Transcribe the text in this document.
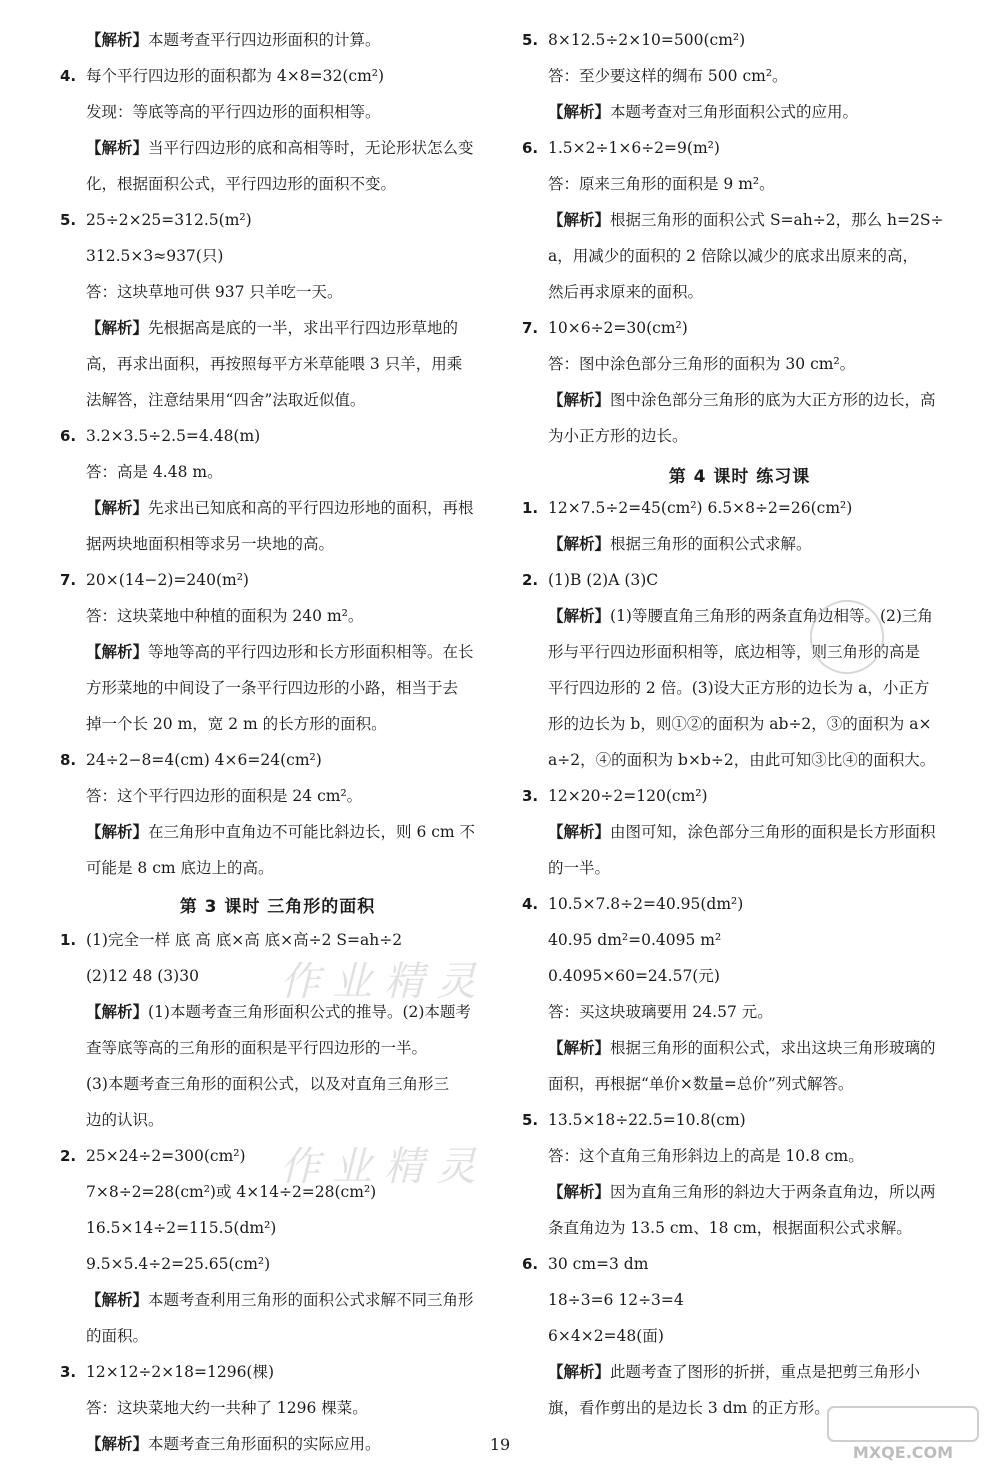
【解析】本题考查平行四边形面积的计算。
4. 每个平行四边形的面积都为 4×8=32(cm²)
发现：等底等高的平行四边形的面积相等。
【解析】当平行四边形的底和高相等时，无论形状怎么变
化，根据面积公式，平行四边形的面积不变。
5. 25÷2×25=312.5(m²)
312.5×3≈937(只)
答：这块草地可供 937 只羊吃一天。
【解析】先根据高是底的一半，求出平行四边形草地的
高，再求出面积，再按照每平方米草能喂 3 只羊，用乘
法解答，注意结果用“四舍”法取近似值。
6. 3.2×3.5÷2.5=4.48(m)
答：高是 4.48 m。
【解析】先求出已知底和高的平行四边形地的面积，再根
据两块地面积相等求另一块地的高。
7. 20×(14−2)=240(m²)
答：这块菜地中种植的面积为 240 m²。
【解析】等地等高的平行四边形和长方形面积相等。在长
方形菜地的中间设了一条平行四边形的小路，相当于去
掉一个长 20 m，宽 2 m 的长方形的面积。
8. 24÷2−8=4(cm) 4×6=24(cm²)
答：这个平行四边形的面积是 24 cm²。
【解析】在三角形中直角边不可能比斜边长，则 6 cm 不
可能是 8 cm 底边上的高。
1. (1)完全一样 底 高 底×高 底×高÷2 S=ah÷2
(2)12 48 (3)30
【解析】(1)本题考查三角形面积公式的推导。(2)本题考
查等底等高的三角形的面积是平行四边形的一半。
(3)本题考查三角形的面积公式，以及对直角三角形三
边的认识。
2. 25×24÷2=300(cm²)
7×8÷2=28(cm²)或 4×14÷2=28(cm²)
16.5×14÷2=115.5(dm²)
9.5×5.4÷2=25.65(cm²)
【解析】本题考查利用三角形的面积公式求解不同三角形
的面积。
3. 12×12÷2×18=1296(棵)
答：这块菜地大约一共种了 1296 棵菜。
【解析】本题考查三角形面积的实际应用。
第 3 课时 三角形的面积
5. 8×12.5÷2×10=500(cm²)
答：至少要这样的绸布 500 cm²。
【解析】本题考查对三角形面积公式的应用。
6. 1.5×2÷1×6÷2=9(m²)
答：原来三角形的面积是 9 m²。
【解析】根据三角形的面积公式 S=ah÷2，那么 h=2S÷
a，用减少的面积的 2 倍除以减少的底求出原来的高，
然后再求原来的面积。
7. 10×6÷2=30(cm²)
答：图中涂色部分三角形的面积为 30 cm²。
【解析】图中涂色部分三角形的底为大正方形的边长，高
为小正方形的边长。
1. 12×7.5÷2=45(cm²) 6.5×8÷2=26(cm²)
【解析】根据三角形的面积公式求解。
2. (1)B (2)A (3)C
【解析】(1)等腰直角三角形的两条直角边相等。(2)三角
形与平行四边形面积相等，底边相等，则三角形的高是
平行四边形的 2 倍。(3)设大正方形的边长为 a，小正方
形的边长为 b，则①②的面积为 ab÷2，③的面积为 a×
a÷2，④的面积为 b×b÷2，由此可知③比④的面积大。
3. 12×20÷2=120(cm²)
【解析】由图可知，涂色部分三角形的面积是长方形面积
的一半。
4. 10.5×7.8÷2=40.95(dm²)
40.95 dm²=0.4095 m²
0.4095×60=24.57(元)
答：买这块玻璃要用 24.57 元。
【解析】根据三角形的面积公式，求出这块三角形玻璃的
面积，再根据“单价×数量=总价”列式解答。
5. 13.5×18÷22.5=10.8(cm)
答：这个直角三角形斜边上的高是 10.8 cm。
【解析】因为直角三角形的斜边大于两条直角边，所以两
条直角边为 13.5 cm、18 cm，根据面积公式求解。
6. 30 cm=3 dm
18÷3=6 12÷3=4
6×4×2=48(面)
【解析】此题考查了图形的折拼，重点是把剪三角形小
旗，看作剪出的是边长 3 dm 的正方形。
第 4 课时 练习课
作业精灵
作业精灵
19	MXQE.COM
